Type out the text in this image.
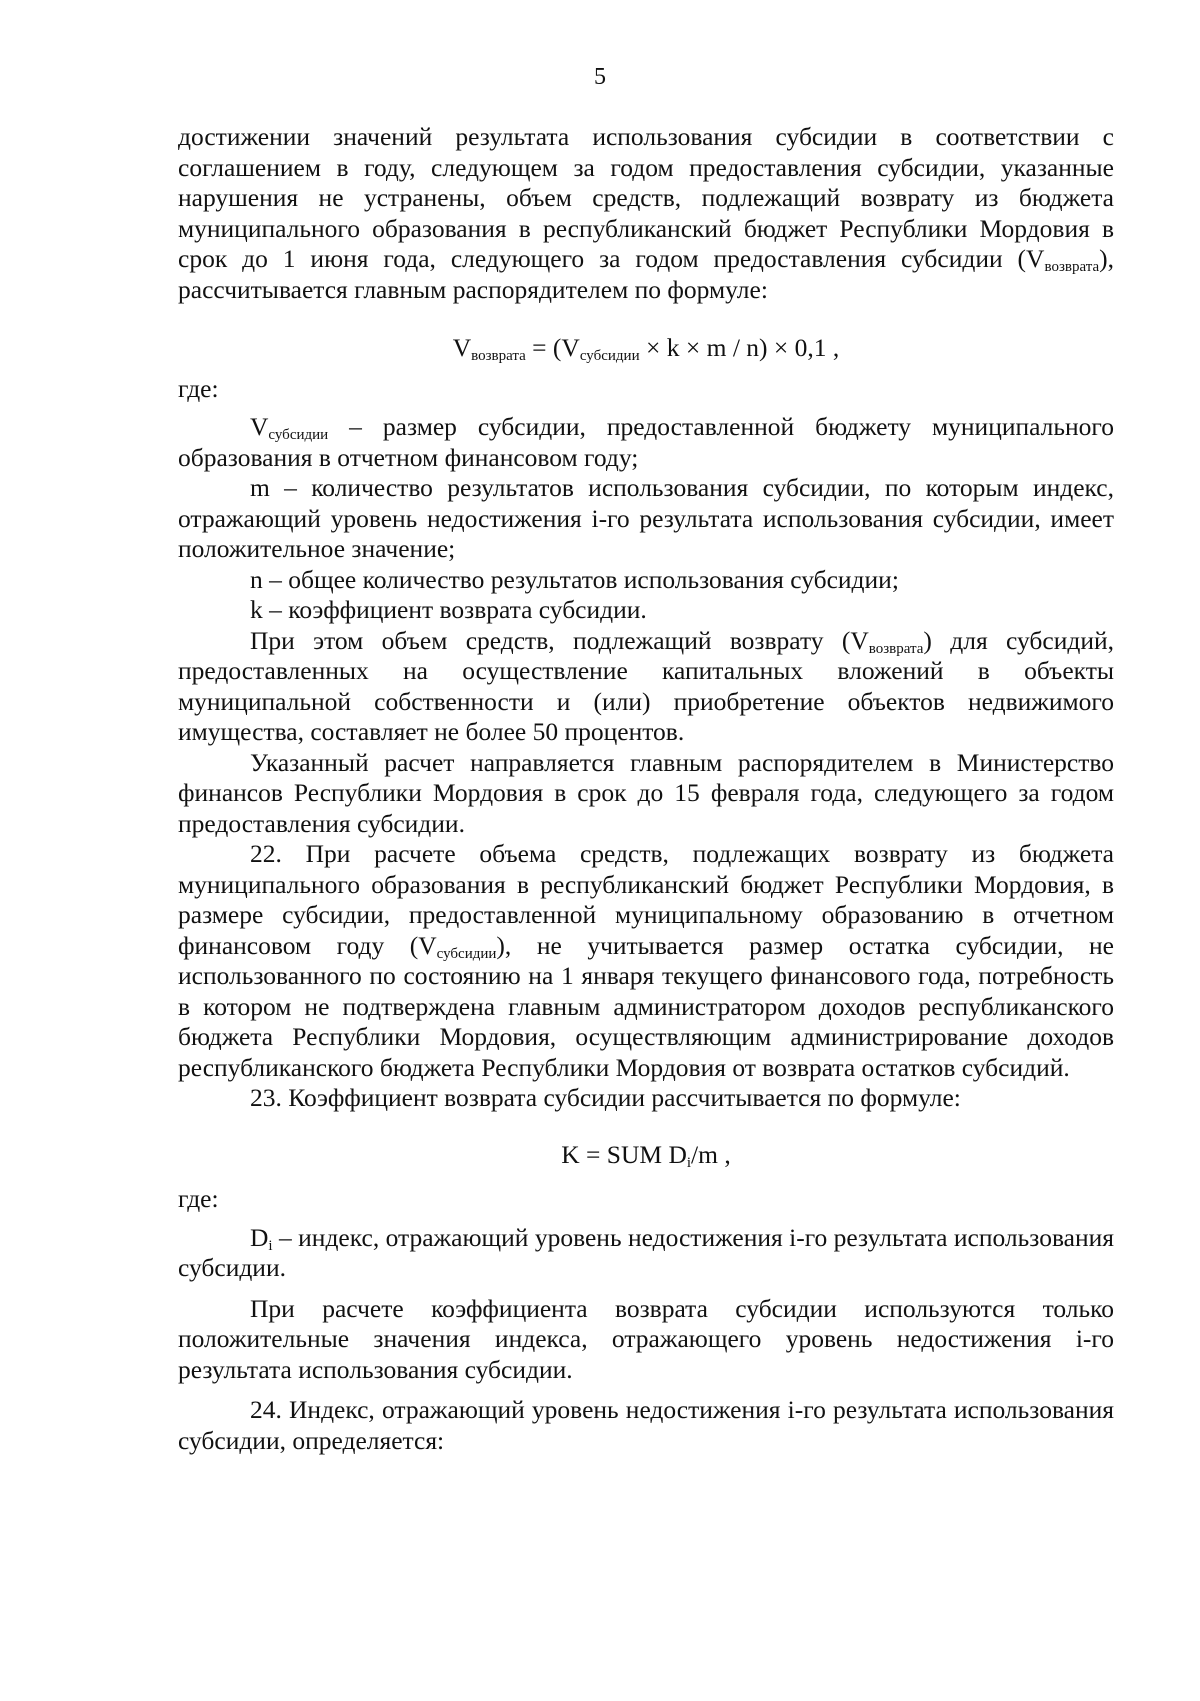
5

достижении значений результата использования субсидии в соответствии с соглашением в году, следующем за годом предоставления субсидии, указанные нарушения не устранены, объем средств, подлежащий возврату из бюджета муниципального образования в республиканский бюджет Республики Мордовия в срок до 1 июня года, следующего за годом предоставления субсидии $(V_{возврата})$, рассчитывается главным распорядителем по формуле:

$V_{возврата} = (V_{субсидии} \times k \times m / n) \times 0,1$ ,

где:

$V_{субсидии}$ – размер субсидии, предоставленной бюджету муниципального образования в отчетном финансовом году;

m – количество результатов использования субсидии, по которым индекс, отражающий уровень недостижения i-го результата использования субсидии, имеет положительное значение;

n – общее количество результатов использования субсидии;

k – коэффициент возврата субсидии.

При этом объем средств, подлежащий возврату $(V_{возврата})$ для субсидий, предоставленных на осуществление капитальных вложений в объекты муниципальной собственности и (или) приобретение объектов недвижимого имущества, составляет не более 50 процентов.

Указанный расчет направляется главным распорядителем в Министерство финансов Республики Мордовия в срок до 15 февраля года, следующего за годом предоставления субсидии.

22. При расчете объема средств, подлежащих возврату из бюджета муниципального образования в республиканский бюджет Республики Мордовия, в размере субсидии, предоставленной муниципальному образованию в отчетном финансовом году $(V_{субсидии})$, не учитывается размер остатка субсидии, не использованного по состоянию на 1 января текущего финансового года, потребность в котором не подтверждена главным администратором доходов республиканского бюджета Республики Мордовия, осуществляющим администрирование доходов республиканского бюджета Республики Мордовия от возврата остатков субсидий.

23. Коэффициент возврата субсидии рассчитывается по формуле:

K = SUM $D_i/m$ ,

где:

$D_i$ – индекс, отражающий уровень недостижения i-го результата использования субсидии.

При расчете коэффициента возврата субсидии используются только положительные значения индекса, отражающего уровень недостижения i-го результата использования субсидии.

24. Индекс, отражающий уровень недостижения i-го результата использования субсидии, определяется:
